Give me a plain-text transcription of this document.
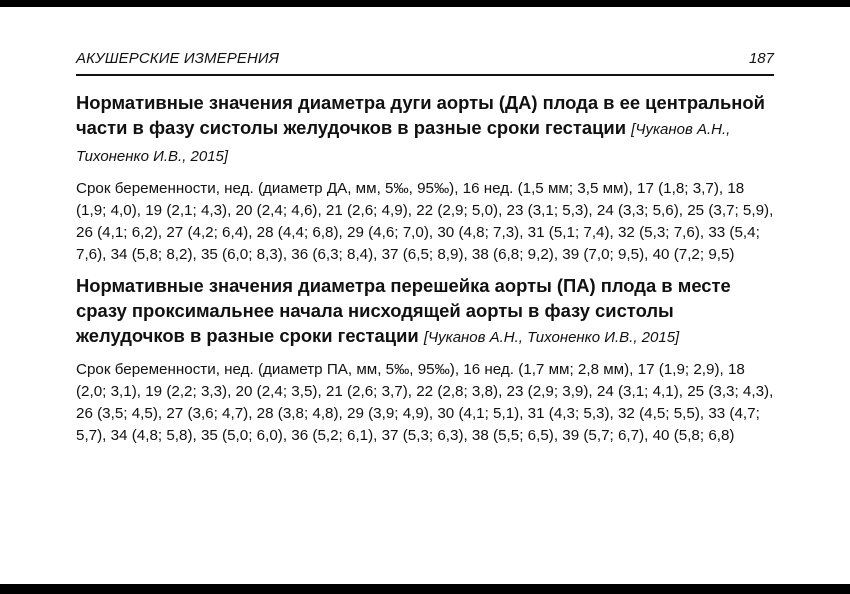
АКУШЕРСКИЕ ИЗМЕРЕНИЯ	187
Нормативные значения диаметра дуги аорты (ДА) плода в ее центральной части в фазу систолы желудочков в разные сроки гестации [Чуканов А.Н., Тихоненко И.В., 2015]

Срок беременности, нед. (диаметр ДА, мм, 5‰, 95‰), 16 нед. (1,5 мм; 3,5 мм), 17 (1,8; 3,7), 18 (1,9; 4,0), 19 (2,1; 4,3), 20 (2,4; 4,6), 21 (2,6; 4,9), 22 (2,9; 5,0), 23 (3,1; 5,3), 24 (3,3; 5,6), 25 (3,7; 5,9), 26 (4,1; 6,2), 27 (4,2; 6,4), 28 (4,4; 6,8), 29 (4,6; 7,0), 30 (4,8; 7,3), 31 (5,1; 7,4), 32 (5,3; 7,6), 33 (5,4; 7,6), 34 (5,8; 8,2), 35 (6,0; 8,3), 36 (6,3; 8,4), 37 (6,5; 8,9), 38 (6,8; 9,2), 39 (7,0; 9,5), 40 (7,2; 9,5)

Нормативные значения диаметра перешейка аорты (ПА) плода в месте сразу проксимальнее начала нисходящей аорты в фазу систолы желудочков в разные сроки гестации [Чуканов А.Н., Тихоненко И.В., 2015]

Срок беременности, нед. (диаметр ПА, мм, 5‰, 95‰), 16 нед. (1,7 мм; 2,8 мм), 17 (1,9; 2,9), 18 (2,0; 3,1), 19 (2,2; 3,3), 20 (2,4; 3,5), 21 (2,6; 3,7), 22 (2,8; 3,8), 23 (2,9; 3,9), 24 (3,1; 4,1), 25 (3,3; 4,3), 26 (3,5; 4,5), 27 (3,6; 4,7), 28 (3,8; 4,8), 29 (3,9; 4,9), 30 (4,1; 5,1), 31 (4,3; 5,3), 32 (4,5; 5,5), 33 (4,7; 5,7), 34 (4,8; 5,8), 35 (5,0; 6,0), 36 (5,2; 6,1), 37 (5,3; 6,3), 38 (5,5; 6,5), 39 (5,7; 6,7), 40 (5,8; 6,8)
